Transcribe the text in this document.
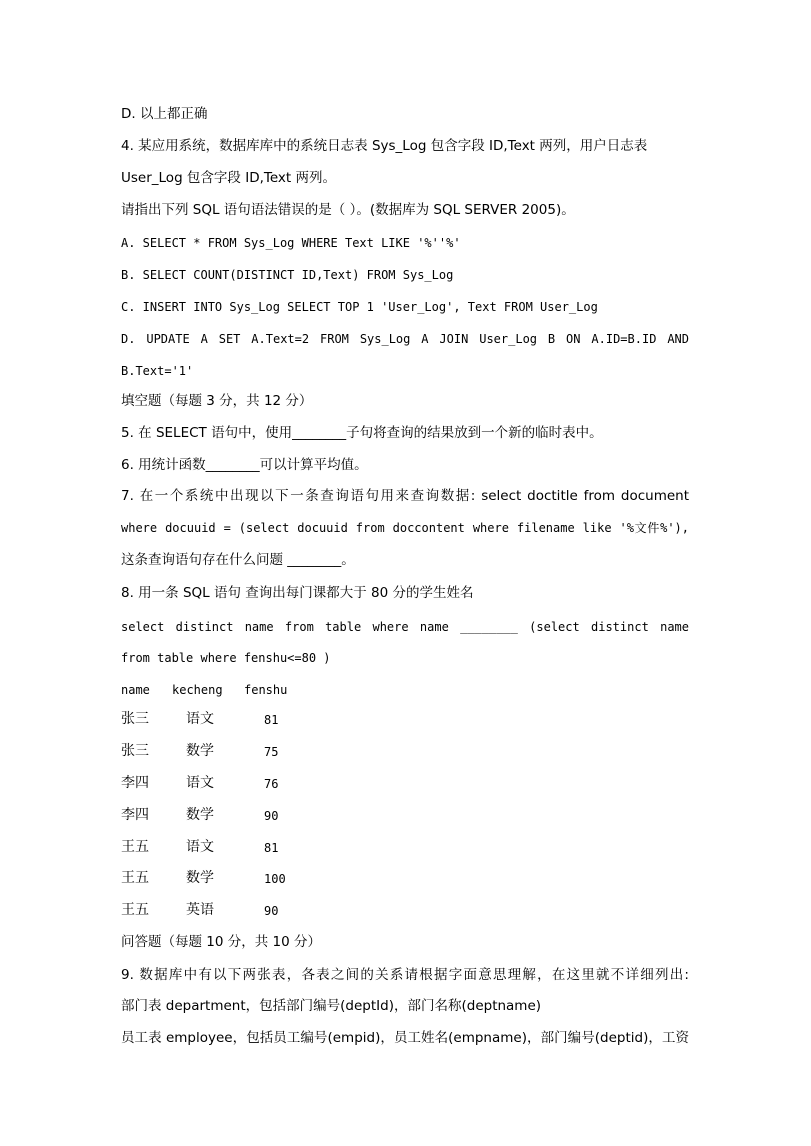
D. 以上都正确
4. 某应用系统，数据库库中的系统日志表 Sys_Log 包含字段 ID,Text 两列，用户日志表
User_Log 包含字段 ID,Text 两列。
请指出下列 SQL 语句语法错误的是（ ）。(数据库为 SQL SERVER 2005)。
A. SELECT * FROM Sys_Log WHERE Text LIKE '%''%'
B. SELECT COUNT(DISTINCT ID,Text) FROM Sys_Log
C. INSERT INTO Sys_Log SELECT TOP 1 'User_Log', Text FROM User_Log
D. UPDATE A SET A.Text=2 FROM Sys_Log A JOIN User_Log B ON A.ID=B.ID AND
B.Text='1'
填空题（每题 3 分，共 12 分）
5. 在 SELECT 语句中，使用________子句将查询的结果放到一个新的临时表中。
6. 用统计函数________可以计算平均值。
7. 在一个系统中出现以下一条查询语句用来查询数据: select doctitle from document
where docuuid = (select docuuid from doccontent where filename like '%文件%'),
这条查询语句存在什么问题 ________。
8. 用一条 SQL 语句 查询出每门课都大于 80 分的学生姓名
select distinct name from table where name ________ (select distinct name
from table where fenshu<=80 )
name kecheng fenshu
张三	语文	81
张三	数学	75
李四	语文	76
李四	数学	90
王五	语文	81
王五	数学	100
王五	英语	90
问答题（每题 10 分，共 10 分）
9. 数据库中有以下两张表，各表之间的关系请根据字面意思理解，在这里就不详细列出:
部门表 department，包括部门编号(deptId)，部门名称(deptname)
员工表 employee，包括员工编号(empid)，员工姓名(empname)，部门编号(deptid)，工资
